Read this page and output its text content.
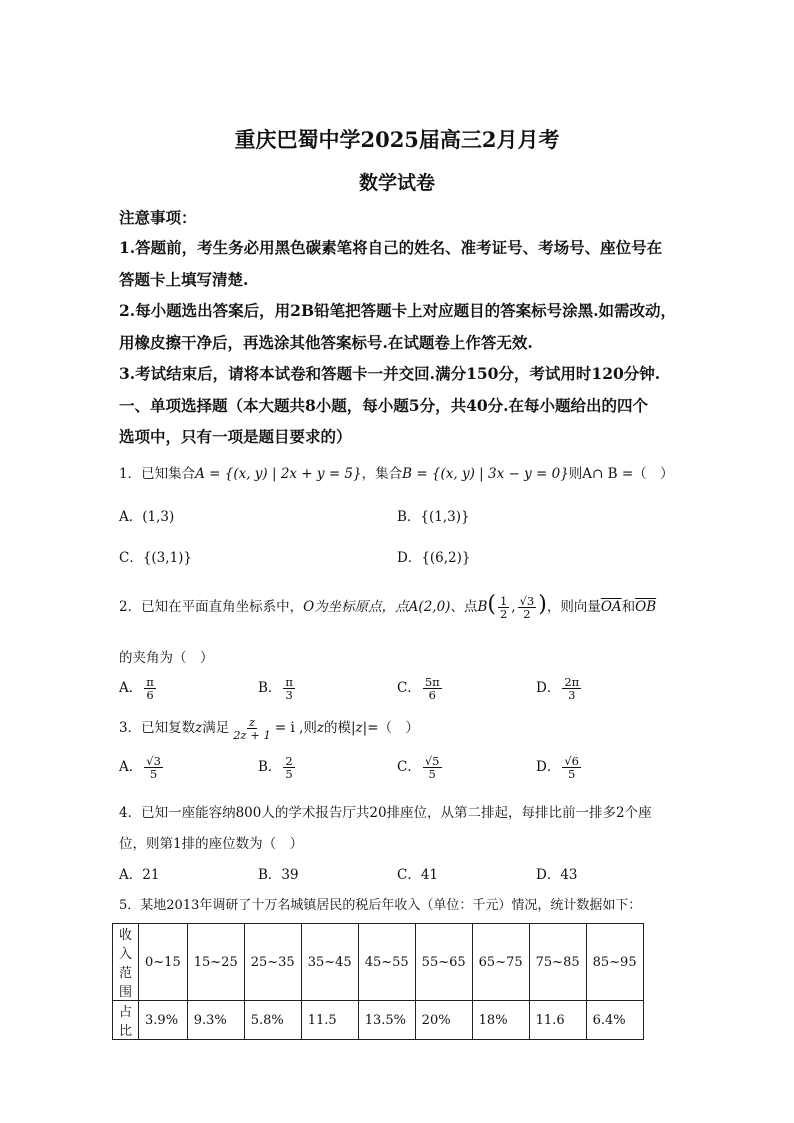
重庆巴蜀中学2025届高三2月月考
数学试卷
注意事项：
1.答题前，考生务必用黑色碳素笔将自己的姓名、准考证号、考场号、座位号在
答题卡上填写清楚.
2.每小题选出答案后，用2B铅笔把答题卡上对应题目的答案标号涂黑.如需改动，
用橡皮擦干净后，再选涂其他答案标号.在试题卷上作答无效.
3.考试结束后，请将本试卷和答题卡一并交回.满分150分，考试用时120分钟.
一、单项选择题（本大题共8小题，每小题5分，共40分.在每小题给出的四个
选项中，只有一项是题目要求的）
1．已知集合A = {(x, y) | 2x + y = 5}，集合B = {(x, y) | 3x − y = 0}则A∩ B =（　）
A．(1,3)	B．{(1,3)}
C．{(3,1)}	D．{(6,2)}
2．已知在平面直角坐标系中，O为坐标原点，点A(2,0)、点$B( \frac{1}{2}$ , $\frac{√3}{2}$ )，则向量$\overline{OA}$和$\overline{OB}$
的夹角为（　）
A． $\frac{\pi}{6}$	B． $\frac{\pi}{3}$	C． $\frac{5\pi}{6}$	D． $\frac{2\pi}{3}$
3．已知复数z满足 $\frac{z}{2z + 1} = i$ ,则z的模|z|=（　）
A． $\frac{√3}{5}$	B． $\frac{2}{5}$	C． $\frac{√5}{5}$	D． $\frac{√6}{5}$
4．已知一座能容纳800人的学术报告厅共20排座位，从第二排起，每排比前一排多2个座
位，则第1排的座位数为（　）
A．21	B．39	C．41	D．43
5．某地2013年调研了十万名城镇居民的税后年收入（单位：千元）情况，统计数据如下：
收入范围	0~15	15~25	25~35	35~45	45~55	55~65	65~75	75~85	85~95
占比	3.9%	9.3%	5.8%	11.5	13.5%	20%	18%	11.6	6.4%
